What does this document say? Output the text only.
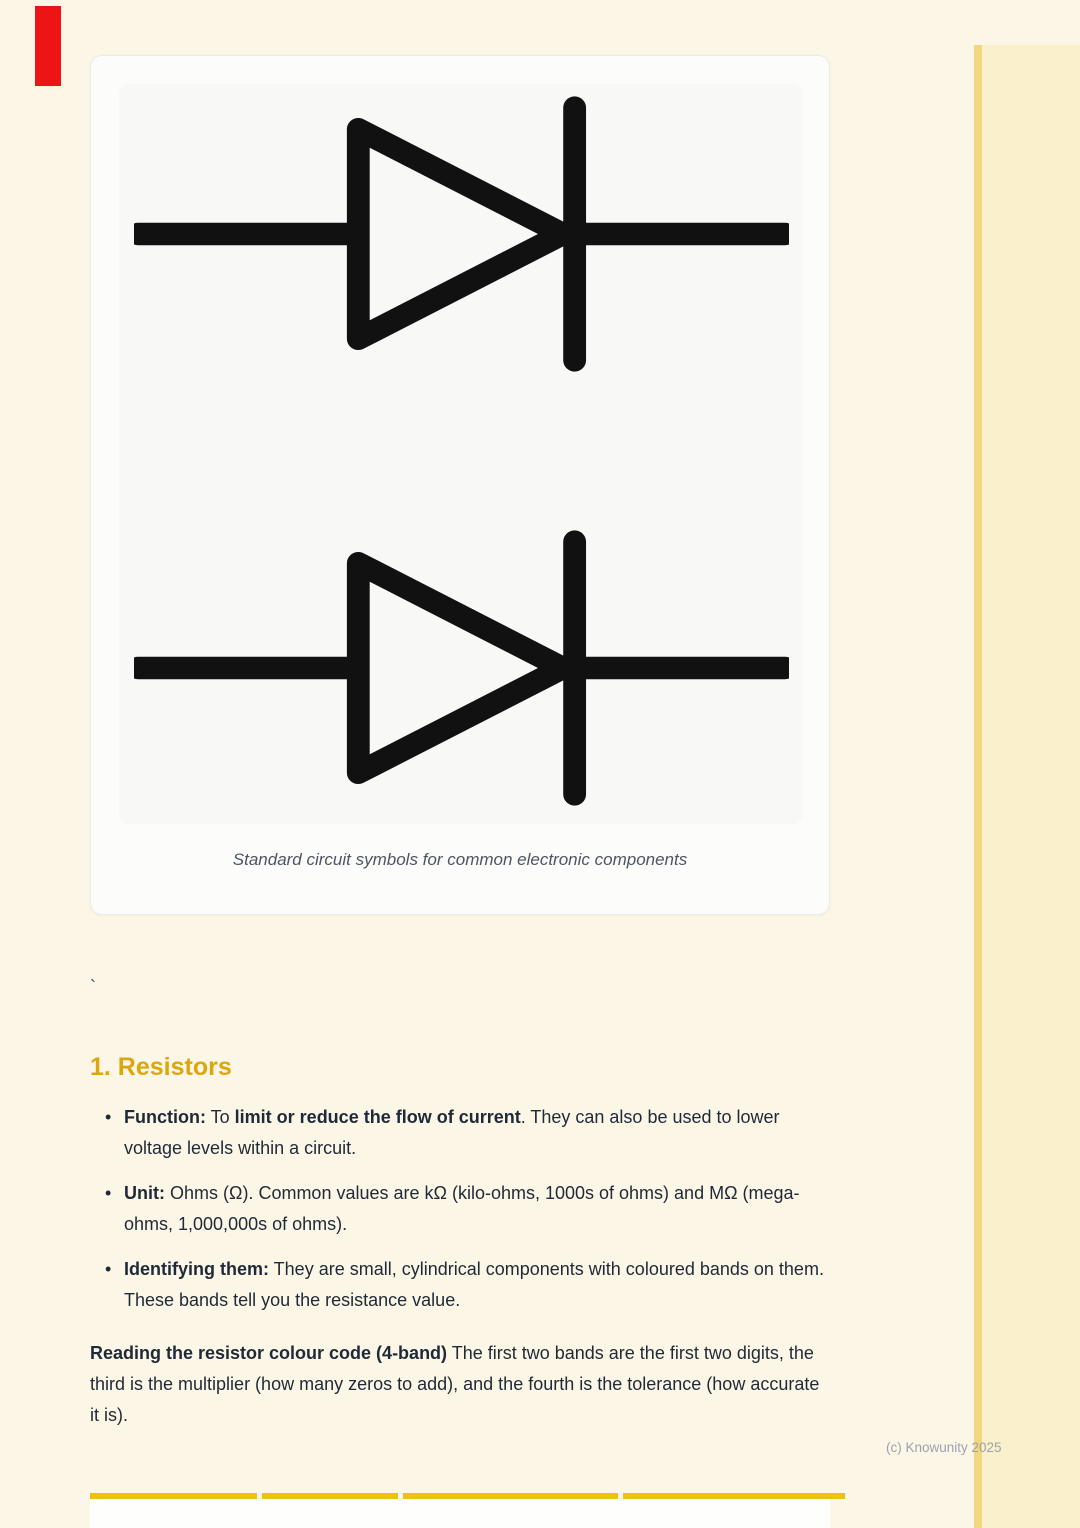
Standard circuit symbols for common electronic components
`
1. Resistors
• Function: To limit or reduce the flow of current. They can also be used to lower voltage levels within a circuit.
• Unit: Ohms (Ω). Common values are kΩ (kilo-ohms, 1000s of ohms) and MΩ (mega-ohms, 1,000,000s of ohms).
• Identifying them: They are small, cylindrical components with coloured bands on them. These bands tell you the resistance value.

Reading the resistor colour code (4-band) The first two bands are the first two digits, the third is the multiplier (how many zeros to add), and the fourth is the tolerance (how accurate it is).

(c) Knowunity 2025
